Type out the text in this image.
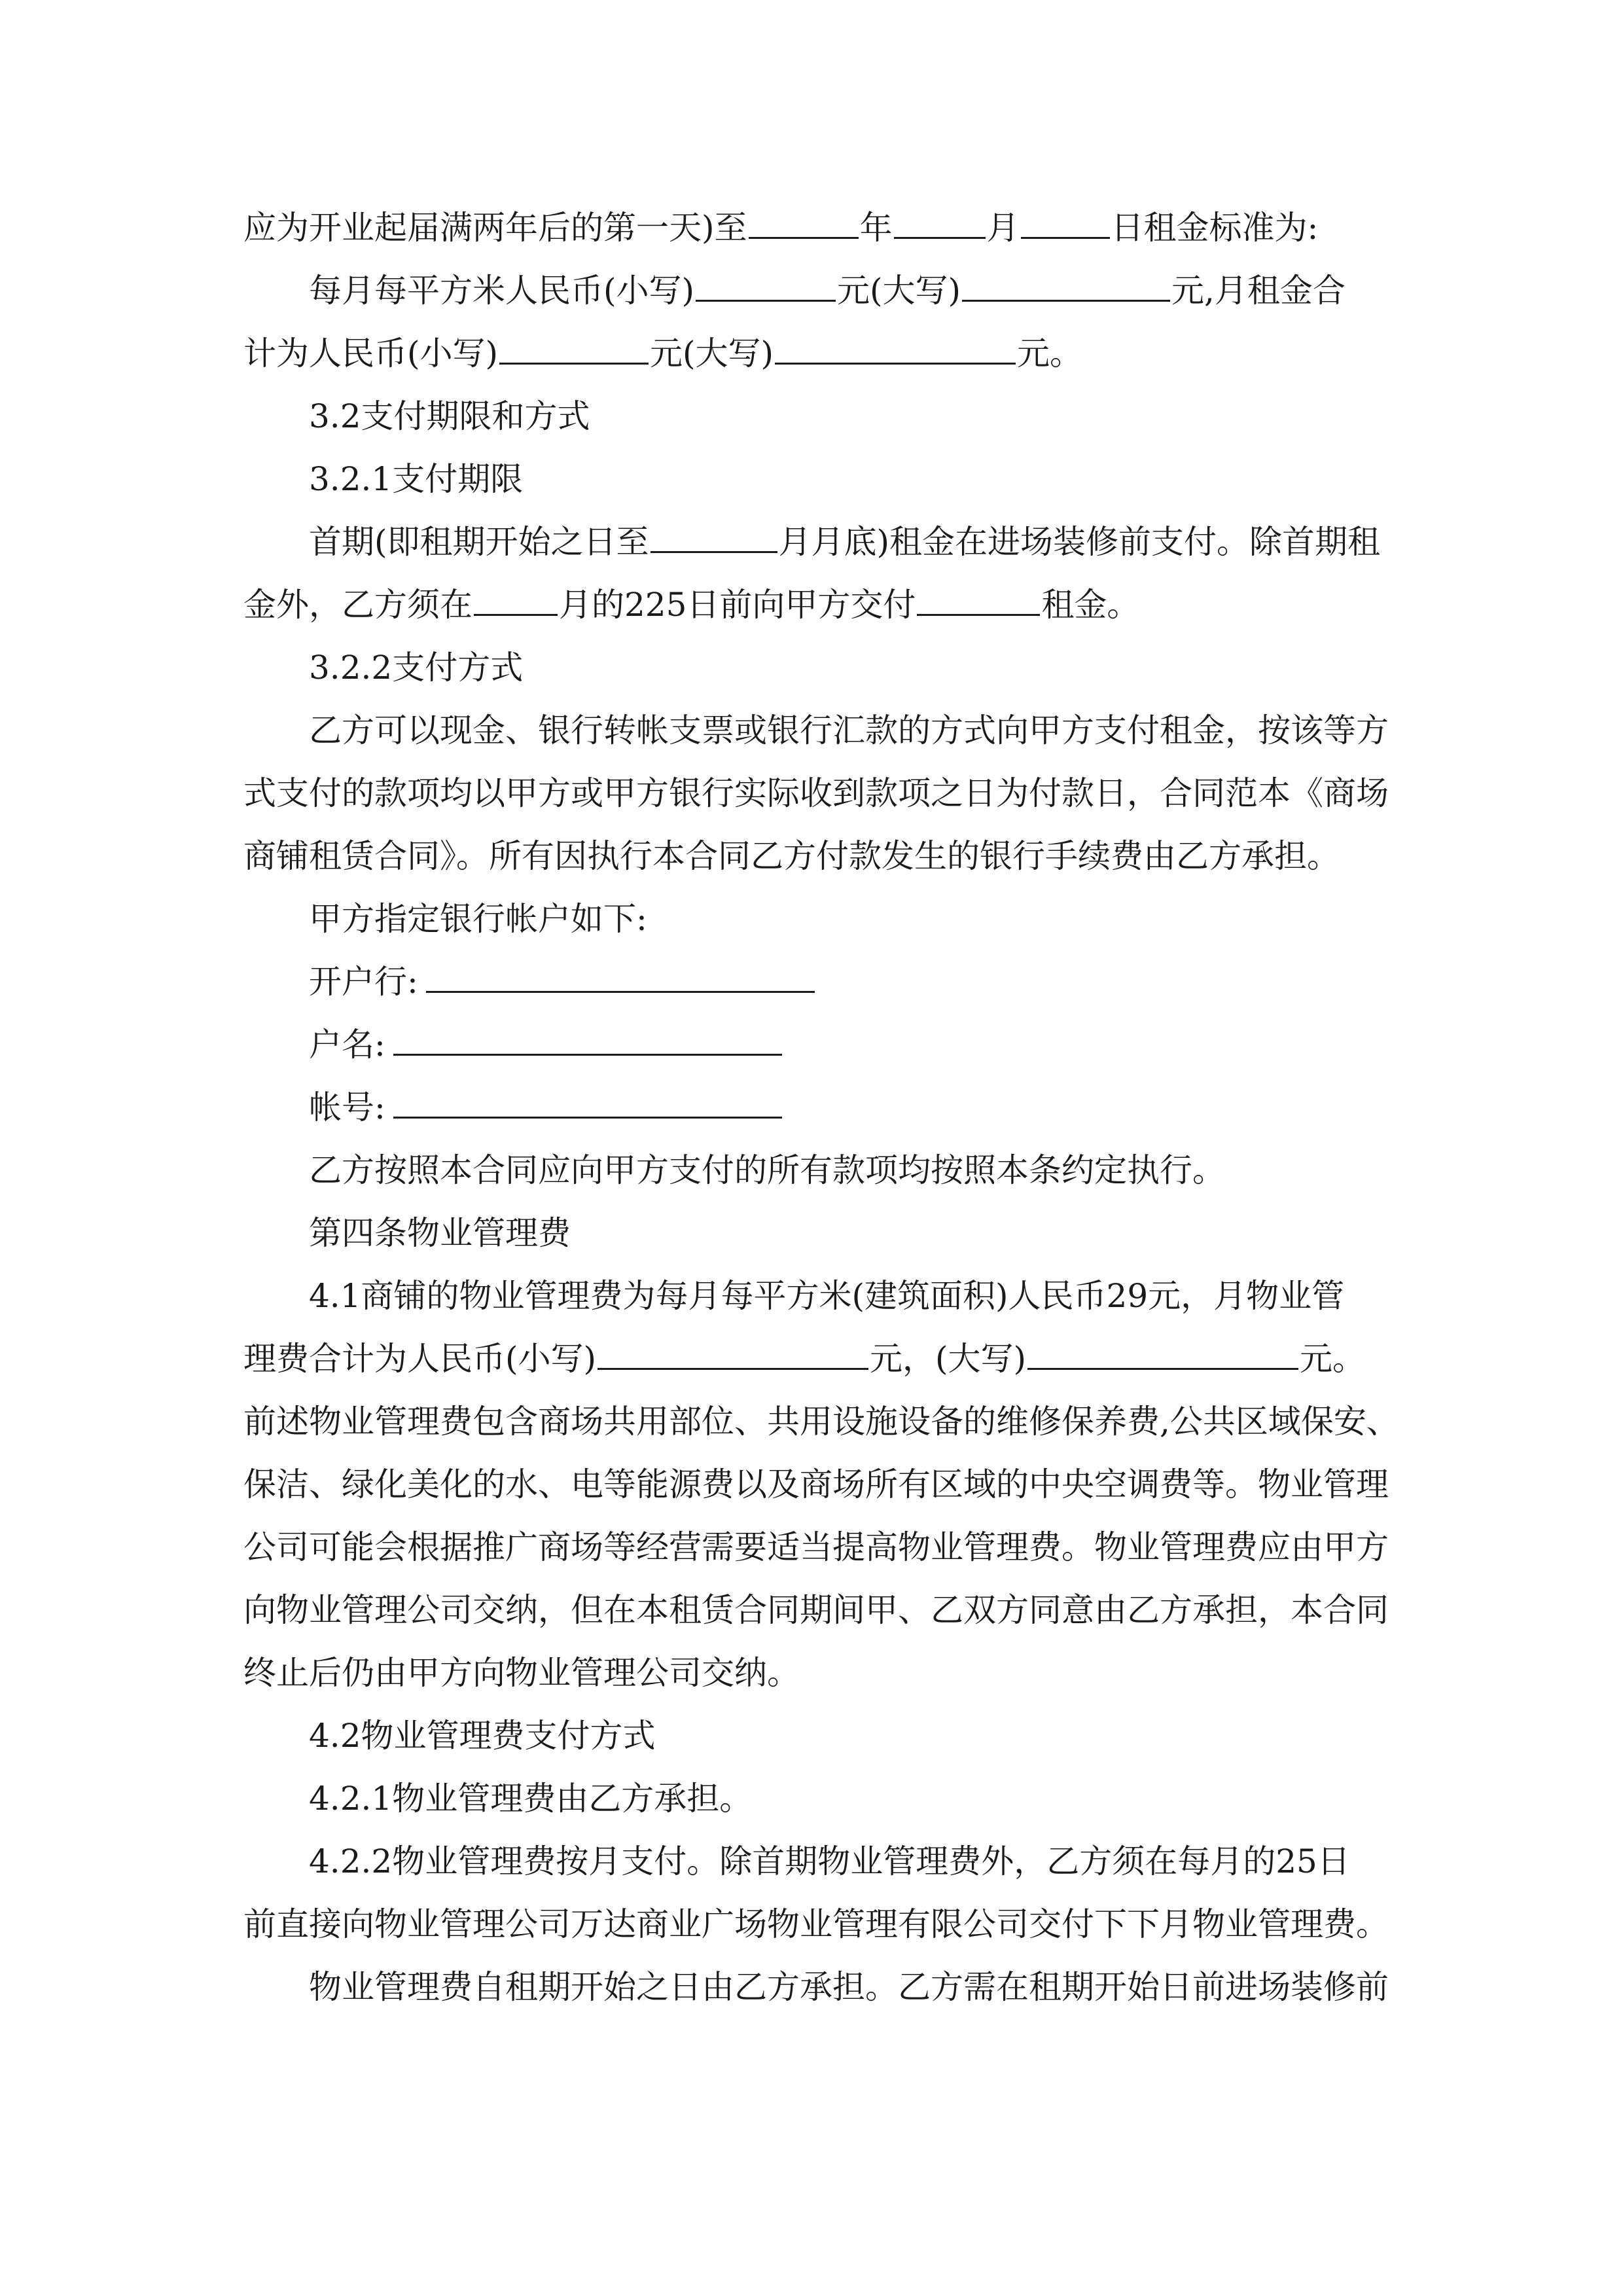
应为开业起届满两年后的第一天)至	年	月	日租金标准为:
每月每平方米人民币(小写)	元(大写)	元,月租金合
计为人民币(小写)	元(大写)	元。
3.2支付期限和方式
3.2.1支付期限
首期(即租期开始之日至	月月底)租金在进场装修前支付。除首期租
金外，乙方须在	月的225日前向甲方交付	租金。
3.2.2支付方式
乙方可以现金、银行转帐支票或银行汇款的方式向甲方支付租金，按该等方
式支付的款项均以甲方或甲方银行实际收到款项之日为付款日，合同范本《商场
商铺租赁合同》。所有因执行本合同乙方付款发生的银行手续费由乙方承担。
甲方指定银行帐户如下:
开户行:
户名:
帐号:
乙方按照本合同应向甲方支付的所有款项均按照本条约定执行。
第四条物业管理费
4.1商铺的物业管理费为每月每平方米(建筑面积)人民币29元，月物业管
理费合计为人民币(小写)	元，(大写)	元。
前述物业管理费包含商场共用部位、共用设施设备的维修保养费,公共区域保安、
保洁、绿化美化的水、电等能源费以及商场所有区域的中央空调费等。物业管理
公司可能会根据推广商场等经营需要适当提高物业管理费。物业管理费应由甲方
向物业管理公司交纳，但在本租赁合同期间甲、乙双方同意由乙方承担，本合同
终止后仍由甲方向物业管理公司交纳。
4.2物业管理费支付方式
4.2.1物业管理费由乙方承担。
4.2.2物业管理费按月支付。除首期物业管理费外，乙方须在每月的25日
前直接向物业管理公司万达商业广场物业管理有限公司交付下下月物业管理费。
物业管理费自租期开始之日由乙方承担。乙方需在租期开始日前进场装修前
